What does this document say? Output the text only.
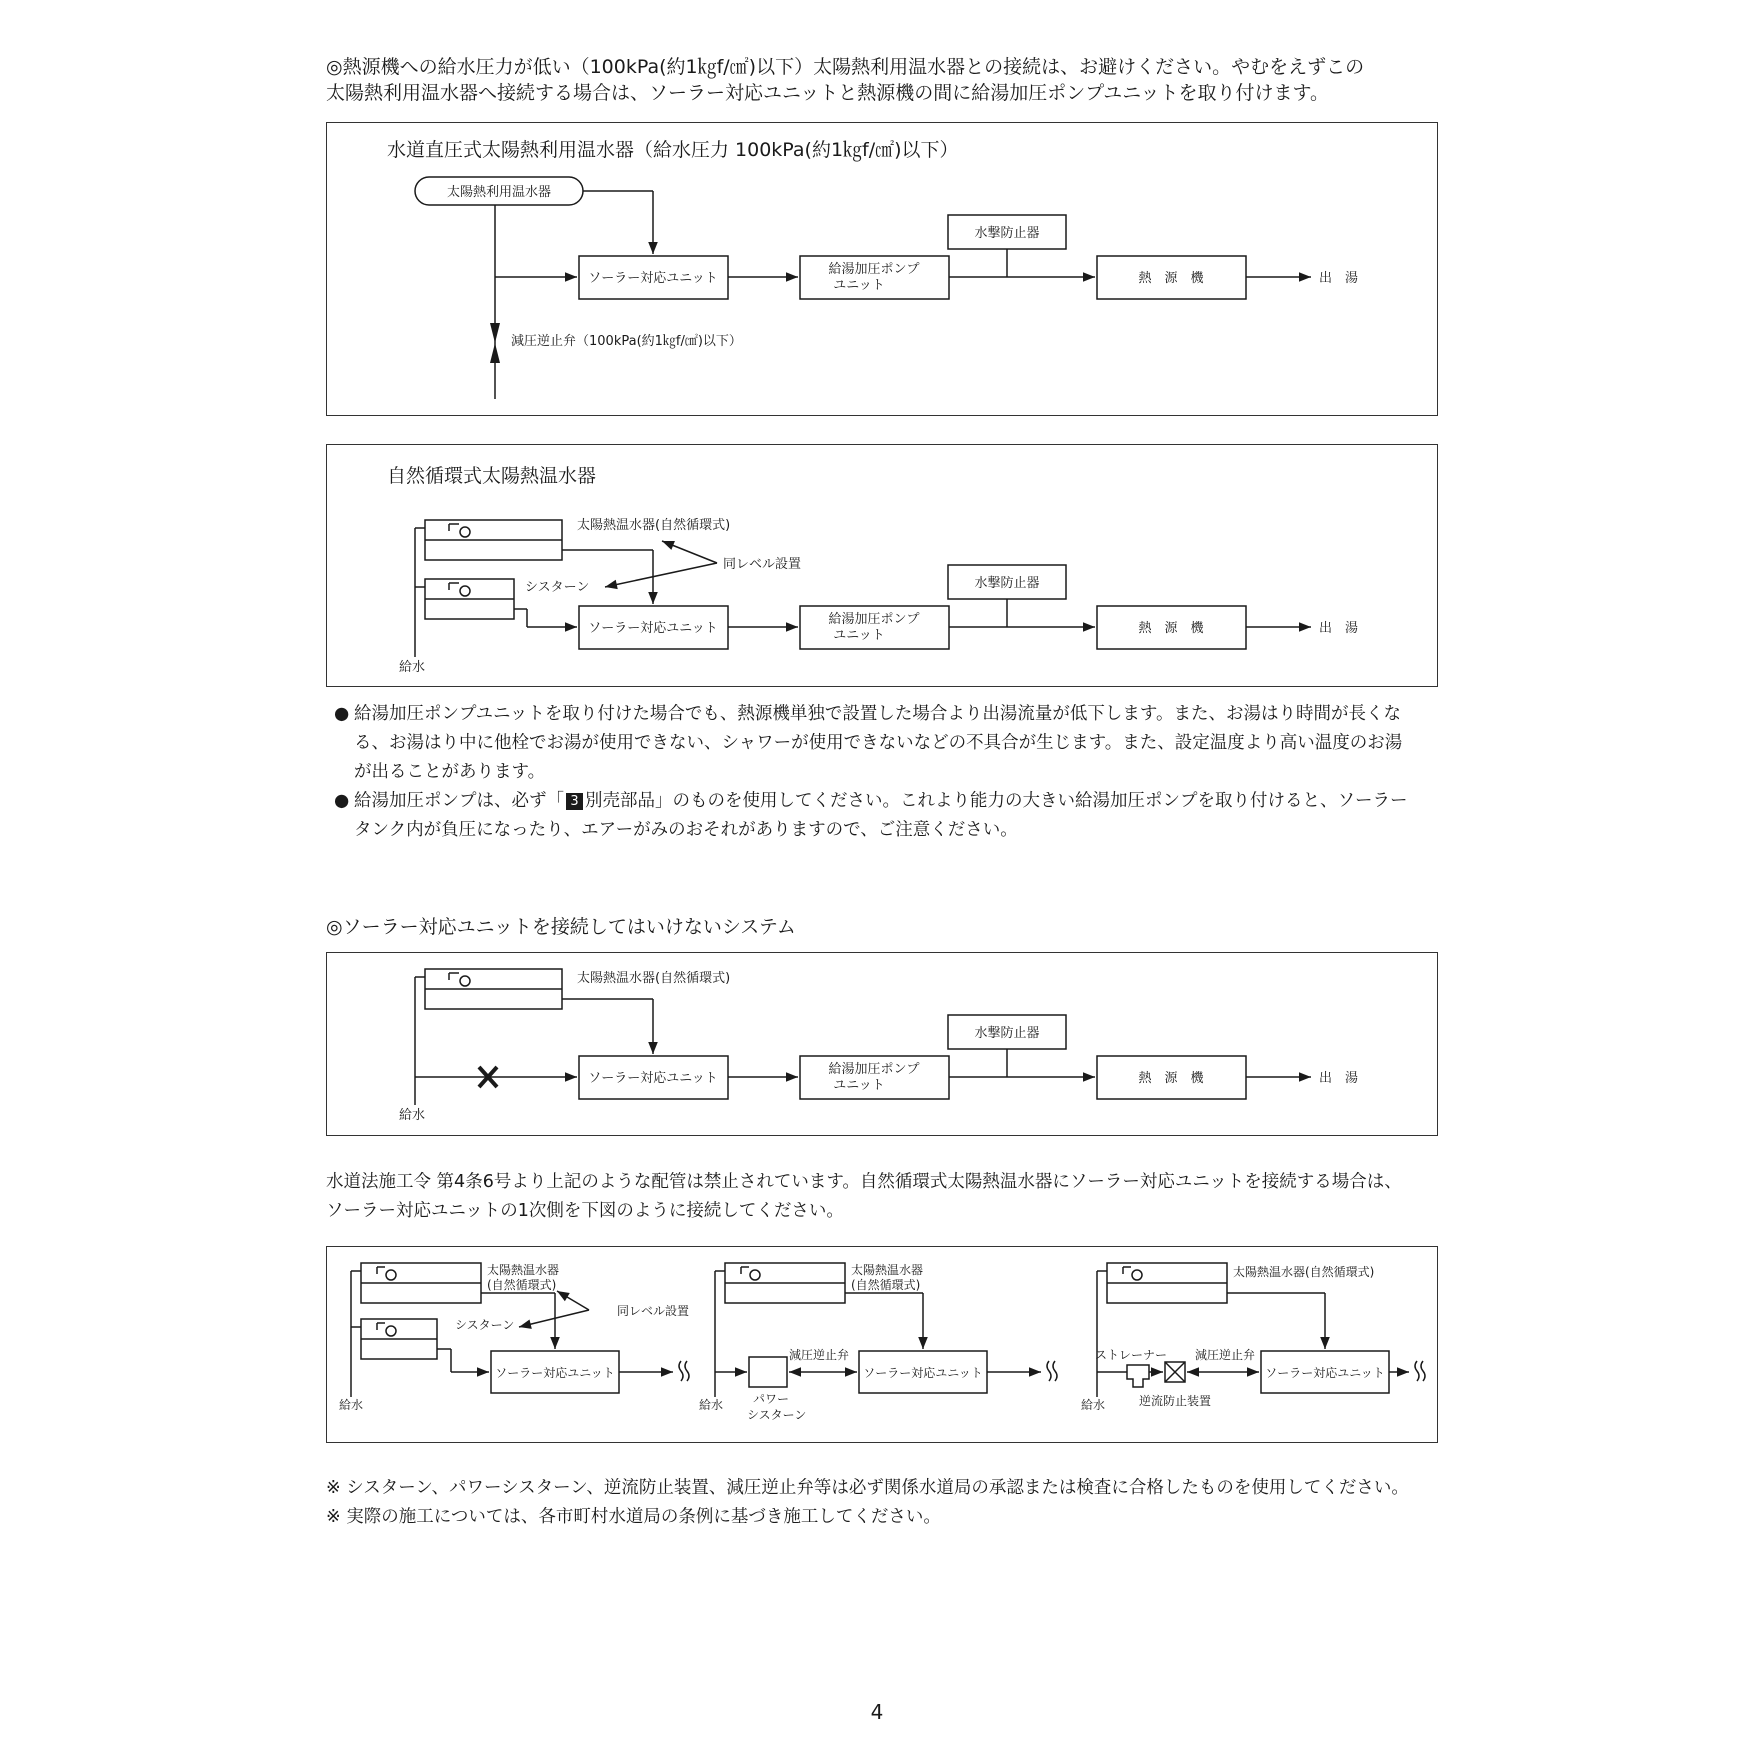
◎熱源機への給水圧力が低い（100kPa(約1㎏f/㎠)以下）太陽熱利用温水器との接続は、お避けください。やむをえずこの
太陽熱利用温水器へ接続する場合は、ソーラー対応ユニットと熱源機の間に給湯加圧ポンプユニットを取り付けます。
水道直圧式太陽熱利用温水器（給水圧力 100kPa(約1㎏f/㎠)以下）
太陽熱利用温水器
ソーラー対応ユニット
給湯加圧ポンプ
ユニット
水撃防止器
熱　源　機	出　湯
減圧逆止弁（100kPa(約1㎏f/㎠)以下）
自然循環式太陽熱温水器
太陽熱温水器(自然循環式)
同レベル設置
シスターン
給水
ソーラー対応ユニット
給湯加圧ポンプ
ユニット
水撃防止器
熱　源　機	出　湯
● 給湯加圧ポンプユニットを取り付けた場合でも、熱源機単独で設置した場合より出湯流量が低下します。また、お湯はり時間が長くな
る、お湯はり中に他栓でお湯が使用できない、シャワーが使用できないなどの不具合が生じます。また、設定温度より高い温度のお湯
が出ることがあります。
● 給湯加圧ポンプは、必ず「 3 別売部品」のものを使用してください。これより能力の大きい給湯加圧ポンプを取り付けると、ソーラー
タンク内が負圧になったり、エアーがみのおそれがありますので、ご注意ください。
◎ソーラー対応ユニットを接続してはいけないシステム
太陽熱温水器(自然循環式)
給水
ソーラー対応ユニット
給湯加圧ポンプ
ユニット
水撃防止器
熱　源　機	出　湯
水道法施工令 第4条6号より上記のような配管は禁止されています。自然循環式太陽熱温水器にソーラー対応ユニットを接続する場合は、
ソーラー対応ユニットの1次側を下図のように接続してください。
太陽熱温水器
(自然循環式)
同レベル設置
シスターン
ソーラー対応ユニット
給水
太陽熱温水器
(自然循環式)
減圧逆止弁
ソーラー対応ユニット
給水 パワー
シスターン
太陽熱温水器(自然循環式)
ストレーナー 減圧逆止弁
ソーラー対応ユニット
給水	逆流防止装置
※ シスターン、パワーシスターン、逆流防止装置、減圧逆止弁等は必ず関係水道局の承認または検査に合格したものを使用してください。
※ 実際の施工については、各市町村水道局の条例に基づき施工してください。
4
